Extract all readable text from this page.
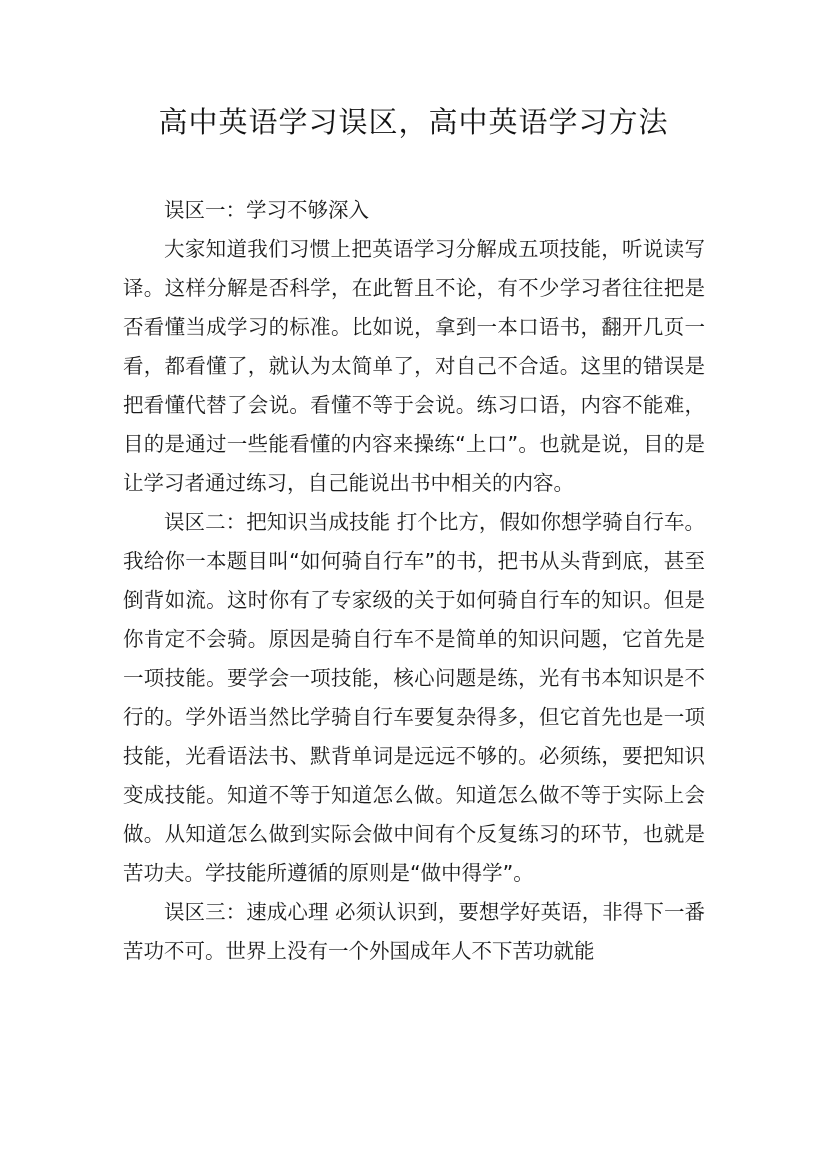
高中英语学习误区，高中英语学习方法

误区一：学习不够深入

大家知道我们习惯上把英语学习分解成五项技能，听说读写译。这样分解是否科学，在此暂且不论，有不少学习者往往把是否看懂当成学习的标准。比如说，拿到一本口语书，翻开几页一看，都看懂了，就认为太简单了，对自己不合适。这里的错误是把看懂代替了会说。看懂不等于会说。练习口语，内容不能难，目的是通过一些能看懂的内容来操练“上口”。也就是说，目的是让学习者通过练习，自己能说出书中相关的内容。

误区二：把知识当成技能 打个比方，假如你想学骑自行车。我给你一本题目叫“如何骑自行车”的书，把书从头背到底，甚至倒背如流。这时你有了专家级的关于如何骑自行车的知识。但是你肯定不会骑。原因是骑自行车不是简单的知识问题，它首先是一项技能。要学会一项技能，核心问题是练，光有书本知识是不行的。学外语当然比学骑自行车要复杂得多，但它首先也是一项技能，光看语法书、默背单词是远远不够的。必须练，要把知识变成技能。知道不等于知道怎么做。知道怎么做不等于实际上会做。从知道怎么做到实际会做中间有个反复练习的环节，也就是苦功夫。学技能所遵循的原则是“做中得学”。

误区三：速成心理 必须认识到，要想学好英语，非得下一番苦功不可。世界上没有一个外国成年人不下苦功就能
